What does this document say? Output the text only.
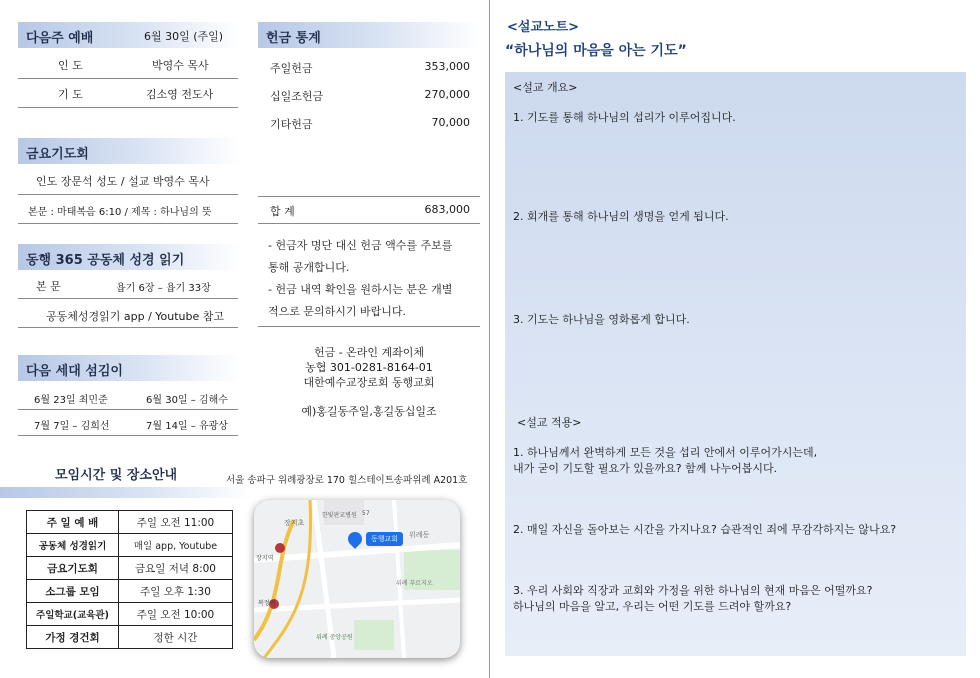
다음주 예배	6월 30일 (주일)
인 도	박영수 목사
기 도	김소영 전도사
금요기도회
인도 장문석 성도 / 설교 박영수 목사
본문 : 마태복음 6:10 / 제목 : 하나님의 뜻
동행 365 공동체 성경 읽기
본 문	욥기 6장 – 욥기 33장
공동체성경읽기 app / Youtube 참고
다음 세대 섬김이
6월 23일 최민준	6월 30일 – 김해수
7월 7일 – 김희선	7월 14일 – 유광상
모임시간 및 장소안내	서울 송파구 위례광장로 170 힐스테이트송파위례 A201호
주 일 예 배	주일 오전 11:00
공동체 성경읽기	매일 app, Youtube
금요기도회	금요일 저녁 8:00
소그룹 모임	주일 오후 1:30
주일학교(교육관)	주일 오전 10:00
가정 경건회	정한 시간
한빛판교병원 57
장지초
장지역
복정역
위례동
위례 중앙공원
위례 푸르지오
동행교회
헌금 통계
주일헌금	353,000
십일조헌금	270,000
기타헌금	70,000
합 계	683,000
- 헌금자 명단 대신 헌금 액수를 주보를
통해 공개합니다.
- 헌금 내역 확인을 원하시는 분은 개별
적으로 문의하시기 바랍니다.
헌금 - 온라인 계좌이체
농협 301-0281-8164-01
대한예수교장로회 동행교회
예)홍길동주일,홍길동십일조
<설교노트>
“하나님의 마음을 아는 기도”
<설교 개요>
1. 기도를 통해 하나님의 섭리가 이루어집니다.
2. 회개를 통해 하나님의 생명을 얻게 됩니다.
3. 기도는 하나님을 영화롭게 합니다.
<설교 적용>
1. 하나님께서 완벽하게 모든 것을 섭리 안에서 이루어가시는데,
내가 굳이 기도할 필요가 있을까요? 함께 나누어봅시다.
2. 매일 자신을 돌아보는 시간을 가지나요? 습관적인 죄에 무감각하지는 않나요?
3. 우리 사회와 직장과 교회와 가정을 위한 하나님의 현재 마음은 어떨까요?
하나님의 마음을 알고, 우리는 어떤 기도를 드려야 할까요?
